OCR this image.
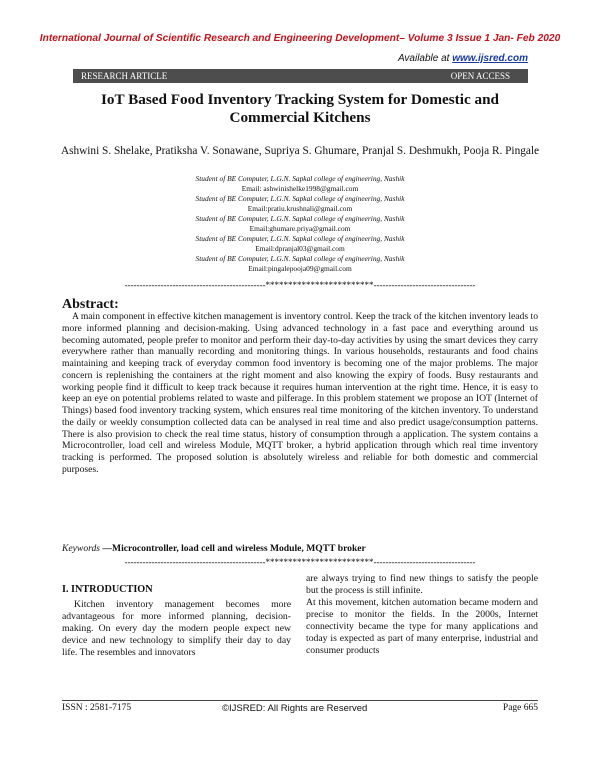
International Journal of Scientific Research and Engineering Development– Volume 3 Issue 1 Jan- Feb 2020
Available at www.ijsred.com
RESEARCH ARTICLE	OPEN ACCESS
IoT Based Food Inventory Tracking System for Domestic and Commercial Kitchens
Ashwini S. Shelake, Pratiksha V. Sonawane, Supriya S. Ghumare, Pranjal S. Deshmukh, Pooja R. Pingale
Student of BE Computer, L.G.N. Sapkal college of engineering, Nashik
Email: ashwinishelke1998@gmail.com
Student of BE Computer, L.G.N. Sapkal college of engineering, Nashik
Email:pratiu.krushnali@gmail.com
Student of BE Computer, L.G.N. Sapkal college of engineering, Nashik
Email:ghumare.priya@gmail.com
Student of BE Computer, L.G.N. Sapkal college of engineering, Nashik
Email:dpranjal03@gmail.com
Student of BE Computer, L.G.N. Sapkal college of engineering, Nashik
Email:pingalepooja09@gmail.com
-----------------------------------------------************************----------------------------------
Abstract:
A main component in effective kitchen management is inventory control. Keep the track of the kitchen inventory leads to more informed planning and decision-making. Using advanced technology in a fast pace and everything around us becoming automated, people prefer to monitor and perform their day-to-day activities by using the smart devices they carry everywhere rather than manually recording and monitoring things. In various households, restaurants and food chains maintaining and keeping track of everyday common food inventory is becoming one of the major problems. The major concern is replenishing the containers at the right moment and also knowing the expiry of foods. Busy restaurants and working people find it difficult to keep track because it requires human intervention at the right time. Hence, it is easy to keep an eye on potential problems related to waste and pilferage. In this problem statement we propose an IOT (Internet of Things) based food inventory tracking system, which ensures real time monitoring of the kitchen inventory. To understand the daily or weekly consumption collected data can be analysed in real time and also predict usage/consumption patterns. There is also provision to check the real time status, history of consumption through a application. The system contains a Microcontroller, load cell and wireless Module, MQTT broker, a hybrid application through which real time inventory tracking is performed. The proposed solution is absolutely wireless and reliable for both domestic and commercial purposes.
Keywords —Microcontroller, load cell and wireless Module, MQTT broker
-----------------------------------------------************************----------------------------------
I. INTRODUCTION
Kitchen inventory management becomes more advantageous for more informed planning, decision-making. On every day the modern people expect new device and new technology to simplify their day to day life. The resembles and innovators

are always trying to find new things to satisfy the people but the process is still infinite.

At this movement, kitchen automation became modern and precise to monitor the fields. In the 2000s, Internet connectivity became the type for many applications and today is expected as part of many enterprise, industrial and consumer products

ISSN : 2581-7175	©IJSRED: All Rights are Reserved	Page 665
